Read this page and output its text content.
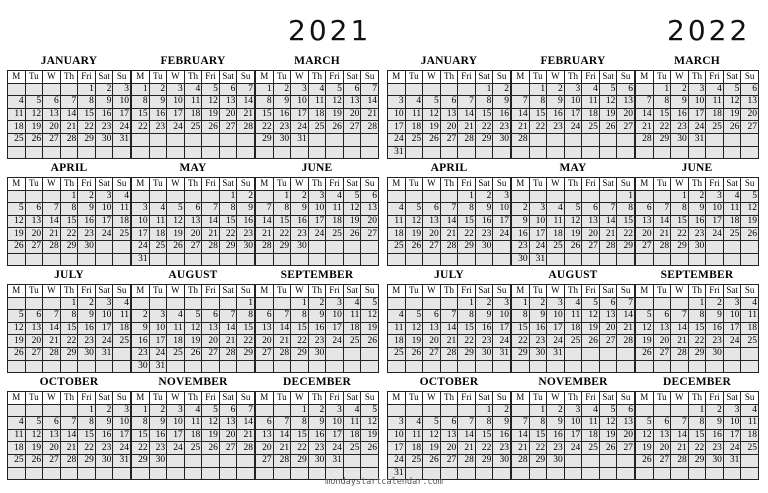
2021	2022
JANUARY
M	Tu	W	Th	Fri	Sat	Su
				1	2	3
4	5	6	7	8	9	10
11	12	13	14	15	16	17
18	19	20	21	22	23	24
25	26	27	28	29	30	31

FEBRUARY
M	Tu	W	Th	Fri	Sat	Su
1	2	3	4	5	6	7
8	9	10	11	12	13	14
15	16	17	18	19	20	21
22	23	24	25	26	27	28

MARCH
M	Tu	W	Th	Fri	Sat	Su
1	2	3	4	5	6	7
8	9	10	11	12	13	14
15	16	17	18	19	20	21
22	23	24	25	26	27	28
29	30	31				

APRIL
M	Tu	W	Th	Fri	Sat	Su
			1	2	3	4
5	6	7	8	9	10	11
12	13	14	15	16	17	18
19	20	21	22	23	24	25
26	27	28	29	30		

MAY
M	Tu	W	Th	Fri	Sat	Su
					1	2
3	4	5	6	7	8	9
10	11	12	13	14	15	16
17	18	19	20	21	22	23
24	25	26	27	28	29	30
31						
JUNE
M	Tu	W	Th	Fri	Sat	Su
	1	2	3	4	5	6
7	8	9	10	11	12	13
14	15	16	17	18	19	20
21	22	23	24	25	26	27
28	29	30				

JULY
M	Tu	W	Th	Fri	Sat	Su
			1	2	3	4
5	6	7	8	9	10	11
12	13	14	15	16	17	18
19	20	21	22	23	24	25
26	27	28	29	30	31	

AUGUST
M	Tu	W	Th	Fri	Sat	Su
						1
2	3	4	5	6	7	8
9	10	11	12	13	14	15
16	17	18	19	20	21	22
23	24	25	26	27	28	29
30	31					
SEPTEMBER
M	Tu	W	Th	Fri	Sat	Su
		1	2	3	4	5
6	7	8	9	10	11	12
13	14	15	16	17	18	19
20	21	22	23	24	25	26
27	28	29	30			

OCTOBER
M	Tu	W	Th	Fri	Sat	Su
				1	2	3
4	5	6	7	8	9	10
11	12	13	14	15	16	17
18	19	20	21	22	23	24
25	26	27	28	29	30	31

NOVEMBER
M	Tu	W	Th	Fri	Sat	Su
1	2	3	4	5	6	7
8	9	10	11	12	13	14
15	16	17	18	19	20	21
22	23	24	25	26	27	28
29	30					

DECEMBER
M	Tu	W	Th	Fri	Sat	Su
		1	2	3	4	5
6	7	8	9	10	11	12
13	14	15	16	17	18	19
20	21	22	23	24	25	26
27	28	29	30	31		

JANUARY
M	Tu	W	Th	Fri	Sat	Su
					1	2
3	4	5	6	7	8	9
10	11	12	13	14	15	16
17	18	19	20	21	22	23
24	25	26	27	28	29	30
31						
FEBRUARY
M	Tu	W	Th	Fri	Sat	Su
	1	2	3	4	5	6
7	8	9	10	11	12	13
14	15	16	17	18	19	20
21	22	23	24	25	26	27
28						

MARCH
M	Tu	W	Th	Fri	Sat	Su
	1	2	3	4	5	6
7	8	9	10	11	12	13
14	15	16	17	18	19	20
21	22	23	24	25	26	27
28	29	30	31			

APRIL
M	Tu	W	Th	Fri	Sat	Su
				1	2	3
4	5	6	7	8	9	10
11	12	13	14	15	16	17
18	19	20	21	22	23	24
25	26	27	28	29	30	

MAY
M	Tu	W	Th	Fri	Sat	Su
						1
2	3	4	5	6	7	8
9	10	11	12	13	14	15
16	17	18	19	20	21	22
23	24	25	26	27	28	29
30	31					
JUNE
M	Tu	W	Th	Fri	Sat	Su
		1	2	3	4	5
6	7	8	9	10	11	12
13	14	15	16	17	18	19
20	21	22	23	24	25	26
27	28	29	30			

JULY
M	Tu	W	Th	Fri	Sat	Su
				1	2	3
4	5	6	7	8	9	10
11	12	13	14	15	16	17
18	19	20	21	22	23	24
25	26	27	28	29	30	31

AUGUST
M	Tu	W	Th	Fri	Sat	Su
1	2	3	4	5	6	7
8	9	10	11	12	13	14
15	16	17	18	19	20	21
22	23	24	25	26	27	28
29	30	31				

SEPTEMBER
M	Tu	W	Th	Fri	Sat	Su
			1	2	3	4
5	6	7	8	9	10	11
12	13	14	15	16	17	18
19	20	21	22	23	24	25
26	27	28	29	30		

OCTOBER
M	Tu	W	Th	Fri	Sat	Su
					1	2
3	4	5	6	7	8	9
10	11	12	13	14	15	16
17	18	19	20	21	22	23
24	25	26	27	28	29	30
31						
NOVEMBER
M	Tu	W	Th	Fri	Sat	Su
	1	2	3	4	5	6
7	8	9	10	11	12	13
14	15	16	17	18	19	20
21	22	23	24	25	26	27
28	29	30				

DECEMBER
M	Tu	W	Th	Fri	Sat	Su
			1	2	3	4
5	6	7	8	9	10	11
12	13	14	15	16	17	18
19	20	21	22	23	24	25
26	27	28	29	30	31	

mondaystartcalendar.com
